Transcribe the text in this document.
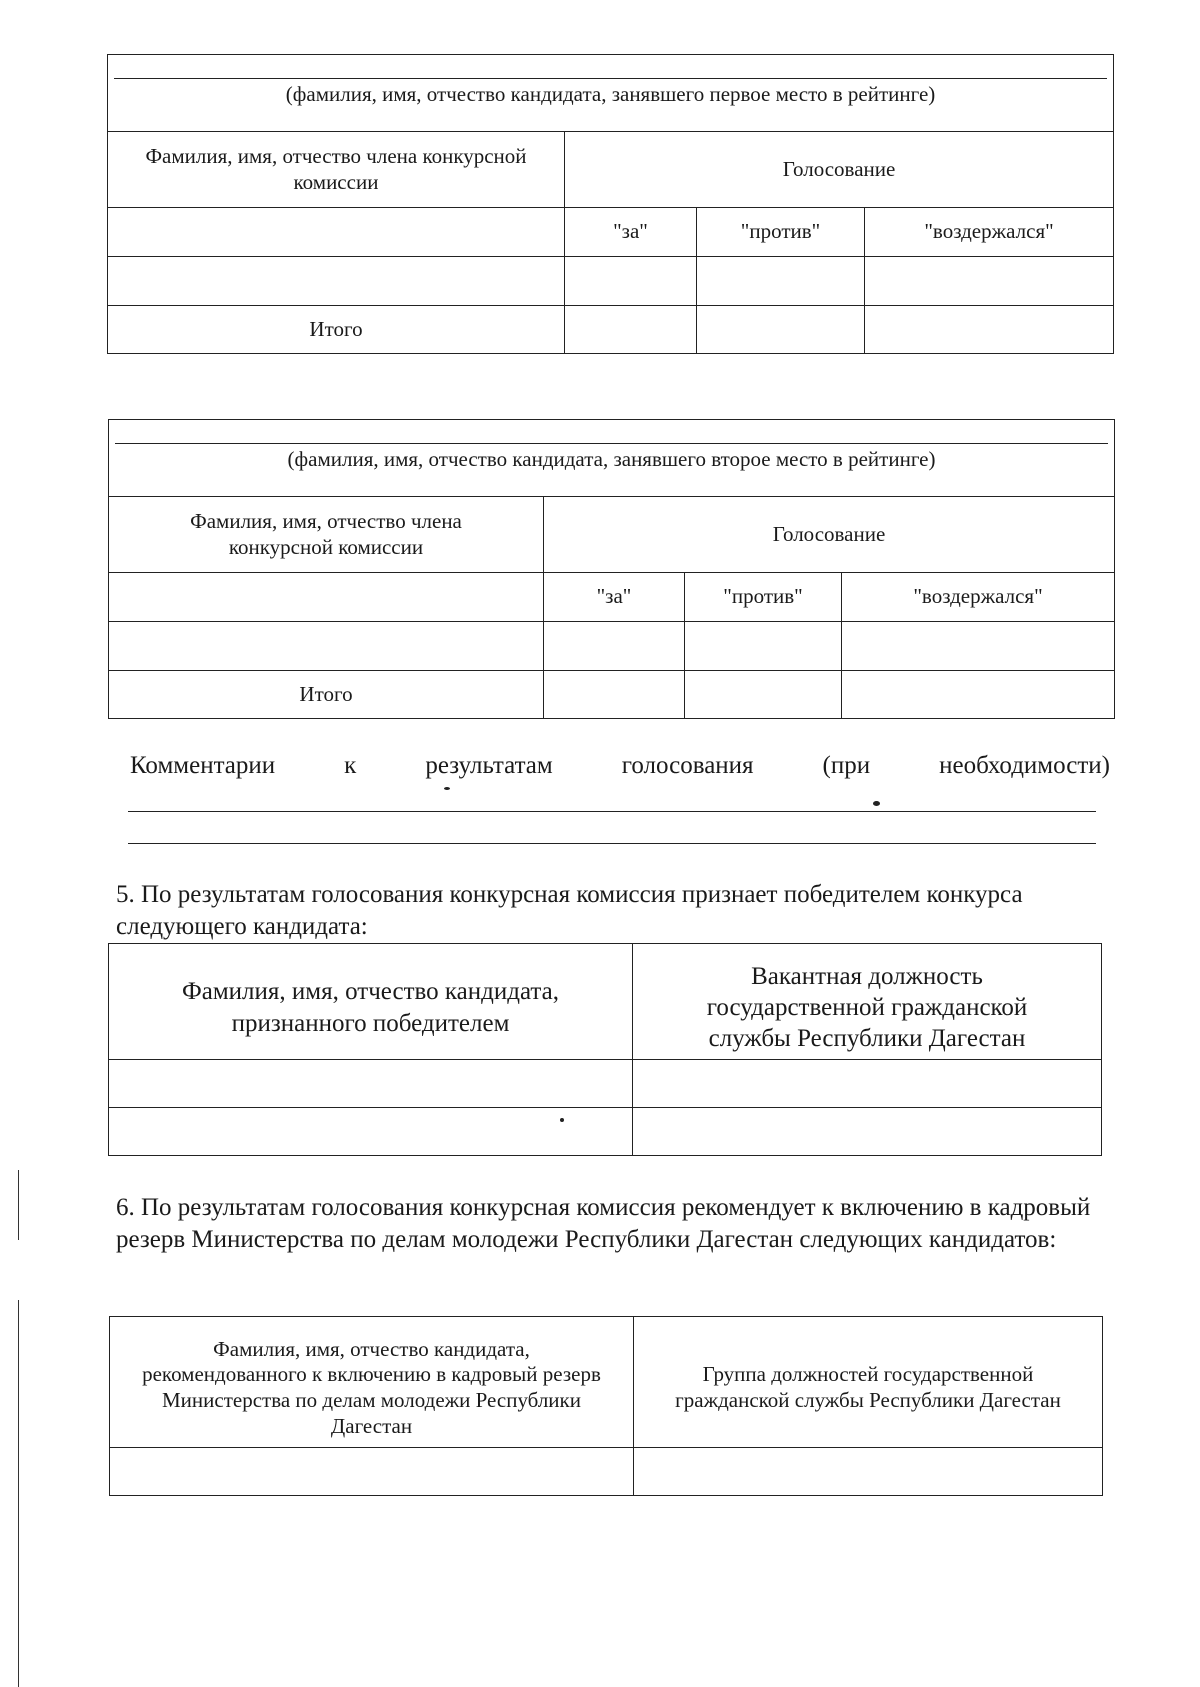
(фамилия, имя, отчество кандидата, занявшего первое место в рейтинге)			

Фамилия, имя, отчество члена конкурсной комиссии	Голосование		
	"за"	"против"	"воздержался"

Итого			
(фамилия, имя, отчество кандидата, занявшего второе место в рейтинге)			

Фамилия, имя, отчество члена конкурсной комиссии	Голосование		
	"за"	"против"	"воздержался"

Итого			
Комментарии	к	результатам	голосования	(при	необходимости)
5. По результатам голосования конкурсная комиссия признает победителем конкурса следующего кандидата:
Фамилия, имя, отчество кандидата, признанного победителем	Вакантная должность государственной гражданской службы Республики Дагестан

6. По результатам голосования конкурсная комиссия рекомендует к включению в кадровый резерв Министерства по делам молодежи Республики Дагестан следующих кандидатов:
Фамилия, имя, отчество кандидата, рекомендованного к включению в кадровый резерв Министерства по делам молодежи Республики Дагестан	Группа должностей государственной гражданской службы Республики Дагестан
